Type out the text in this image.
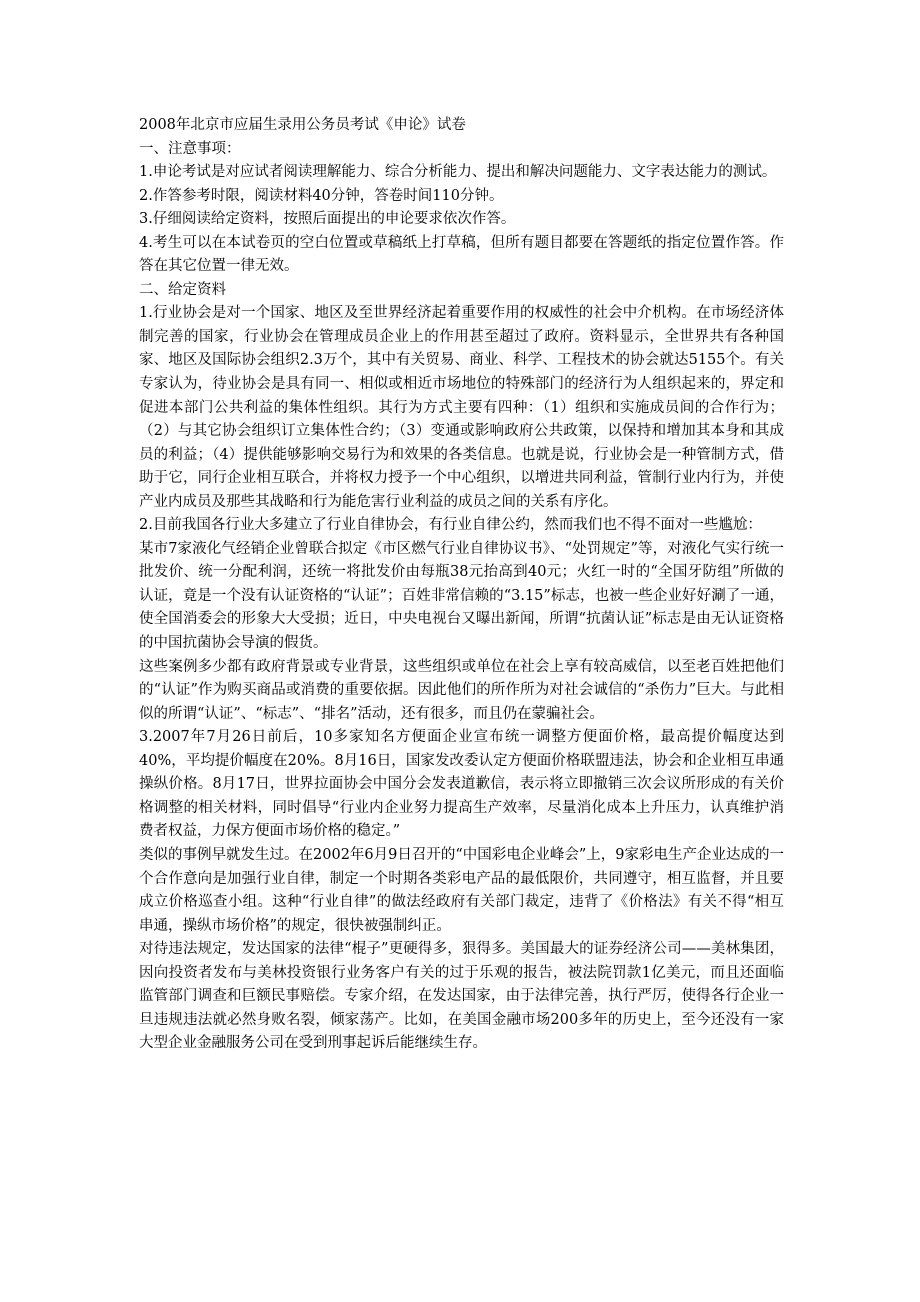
2008年北京市应届生录用公务员考试《申论》试卷

一、注意事项：

1.申论考试是对应试者阅读理解能力、综合分析能力、提出和解决问题能力、文字表达能力的测试。

2.作答参考时限，阅读材料40分钟，答卷时间110分钟。

3.仔细阅读给定资料，按照后面提出的申论要求依次作答。

4.考生可以在本试卷页的空白位置或草稿纸上打草稿，但所有题目都要在答题纸的指定位置作答。作答在其它位置一律无效。

二、给定资料

1.行业协会是对一个国家、地区及至世界经济起着重要作用的权威性的社会中介机构。在市场经济体制完善的国家，行业协会在管理成员企业上的作用甚至超过了政府。资料显示，全世界共有各种国家、地区及国际协会组织2.3万个，其中有关贸易、商业、科学、工程技术的协会就达5155个。有关专家认为，待业协会是具有同一、相似或相近市场地位的特殊部门的经济行为人组织起来的，界定和促进本部门公共利益的集体性组织。其行为方式主要有四种：（1）组织和实施成员间的合作行为；（2）与其它协会组织订立集体性合约；（3）变通或影响政府公共政策，以保持和增加其本身和其成员的利益；（4）提供能够影响交易行为和效果的各类信息。也就是说，行业协会是一种管制方式，借助于它，同行企业相互联合，并将权力授予一个中心组织，以增进共同利益，管制行业内行为，并使产业内成员及那些其战略和行为能危害行业利益的成员之间的关系有序化。

2.目前我国各行业大多建立了行业自律协会，有行业自律公约，然而我们也不得不面对一些尴尬：

某市7家液化气经销企业曾联合拟定《市区燃气行业自律协议书》、“处罚规定”等，对液化气实行统一批发价、统一分配利润，还统一将批发价由每瓶38元抬高到40元；火红一时的“全国牙防组”所做的认证，竟是一个没有认证资格的“认证”；百姓非常信赖的“3.15”标志，也被一些企业好好涮了一通，使全国消委会的形象大大受损；近日，中央电视台又曝出新闻，所谓“抗菌认证”标志是由无认证资格的中国抗菌协会导演的假货。

这些案例多少都有政府背景或专业背景，这些组织或单位在社会上享有较高威信，以至老百姓把他们的“认证”作为购买商品或消费的重要依据。因此他们的所作所为对社会诚信的“杀伤力”巨大。与此相似的所谓“认证”、“标志”、“排名”活动，还有很多，而且仍在蒙骗社会。

3.2007年7月26日前后，10多家知名方便面企业宣布统一调整方便面价格，最高提价幅度达到40%，平均提价幅度在20%。8月16日，国家发改委认定方便面价格联盟违法，协会和企业相互串通操纵价格。8月17日，世界拉面协会中国分会发表道歉信，表示将立即撤销三次会议所形成的有关价格调整的相关材料，同时倡导“行业内企业努力提高生产效率，尽量消化成本上升压力，认真维护消费者权益，力保方便面市场价格的稳定。”

类似的事例早就发生过。在2002年6月9日召开的“中国彩电企业峰会”上，9家彩电生产企业达成的一个合作意向是加强行业自律，制定一个时期各类彩电产品的最低限价，共同遵守，相互监督，并且要成立价格巡查小组。这种“行业自律”的做法经政府有关部门裁定，违背了《价格法》有关不得“相互串通，操纵市场价格”的规定，很快被强制纠正。

对待违法规定，发达国家的法律“棍子”更硬得多，狠得多。美国最大的证券经济公司——美林集团，因向投资者发布与美林投资银行业务客户有关的过于乐观的报告，被法院罚款1亿美元，而且还面临监管部门调查和巨额民事赔偿。专家介绍，在发达国家，由于法律完善，执行严厉，使得各行企业一旦违规违法就必然身败名裂，倾家荡产。比如，在美国金融市场200多年的历史上，至今还没有一家大型企业金融服务公司在受到刑事起诉后能继续生存。
